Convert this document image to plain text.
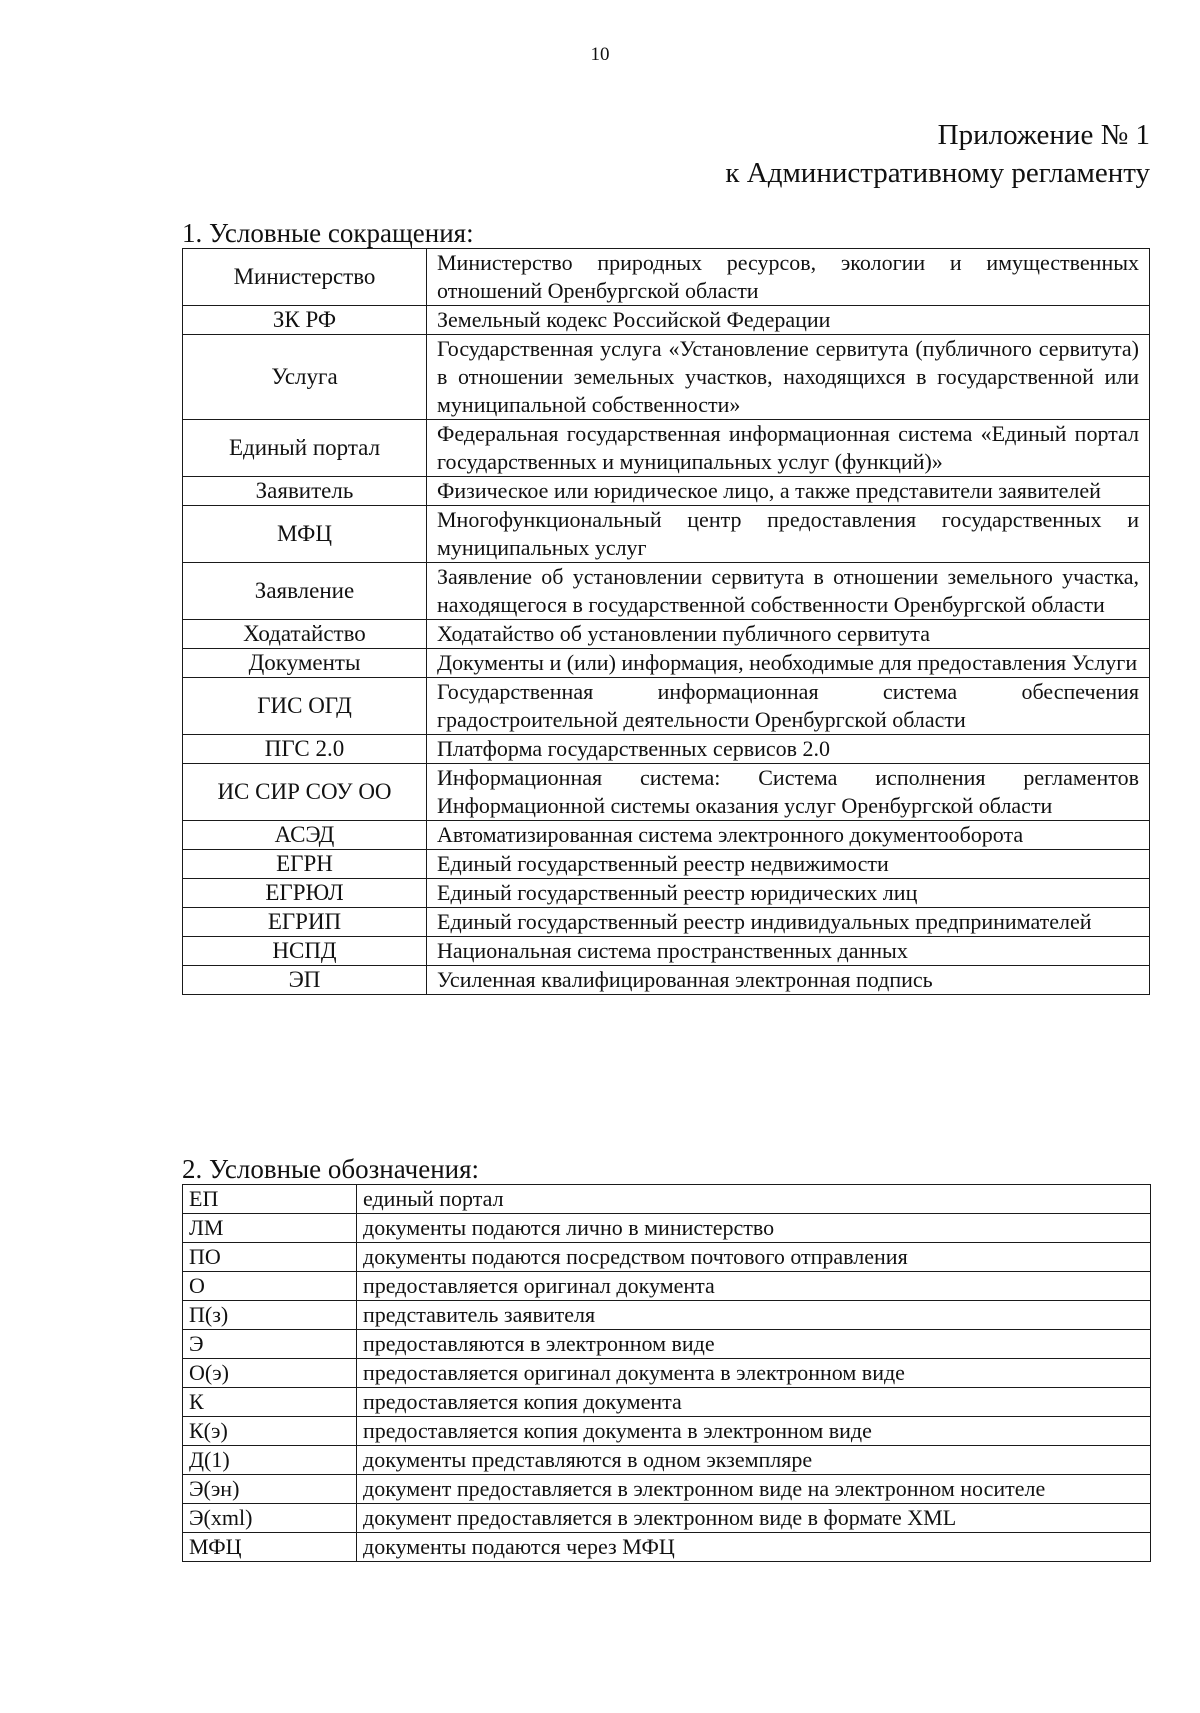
10
Приложение № 1
к Административному регламенту
1. Условные сокращения:
Министерство	Министерство природных ресурсов, экологии и имущественных отношений Оренбургской области
ЗК РФ	Земельный кодекс Российской Федерации
Услуга	Государственная услуга «Установление сервитута (публичного сервитута) в отношении земельных участков, находящихся в государственной или муниципальной собственности»
Единый портал	Федеральная государственная информационная система «Единый портал государственных и муниципальных услуг (функций)»
Заявитель	Физическое или юридическое лицо, а также представители заявителей
МФЦ	Многофункциональный центр предоставления государственных и муниципальных услуг
Заявление	Заявление об установлении сервитута в отношении земельного участка, находящегося в государственной собственности Оренбургской области
Ходатайство	Ходатайство об установлении публичного сервитута
Документы	Документы и (или) информация, необходимые для предоставления Услуги
ГИС ОГД	Государственная информационная система обеспечения градостроительной деятельности Оренбургской области
ПГС 2.0	Платформа государственных сервисов 2.0
ИС СИР СОУ ОО	Информационная система: Система исполнения регламентов Информационной системы оказания услуг Оренбургской области
АСЭД	Автоматизированная система электронного документооборота
ЕГРН	Единый государственный реестр недвижимости
ЕГРЮЛ	Единый государственный реестр юридических лиц
ЕГРИП	Единый государственный реестр индивидуальных предпринимателей
НСПД	Национальная система пространственных данных
ЭП	Усиленная квалифицированная электронная подпись
2. Условные обозначения:
ЕП	единый портал
ЛМ	документы подаются лично в министерство
ПО	документы подаются посредством почтового отправления
О	предоставляется оригинал документа
П(з)	представитель заявителя
Э	предоставляются в электронном виде
О(э)	предоставляется оригинал документа в электронном виде
К	предоставляется копия документа
К(э)	предоставляется копия документа в электронном виде
Д(1)	документы представляются в одном экземпляре
Э(эн)	документ предоставляется в электронном виде на электронном носителе
Э(xml)	документ предоставляется в электронном виде в формате XML
МФЦ	документы подаются через МФЦ
